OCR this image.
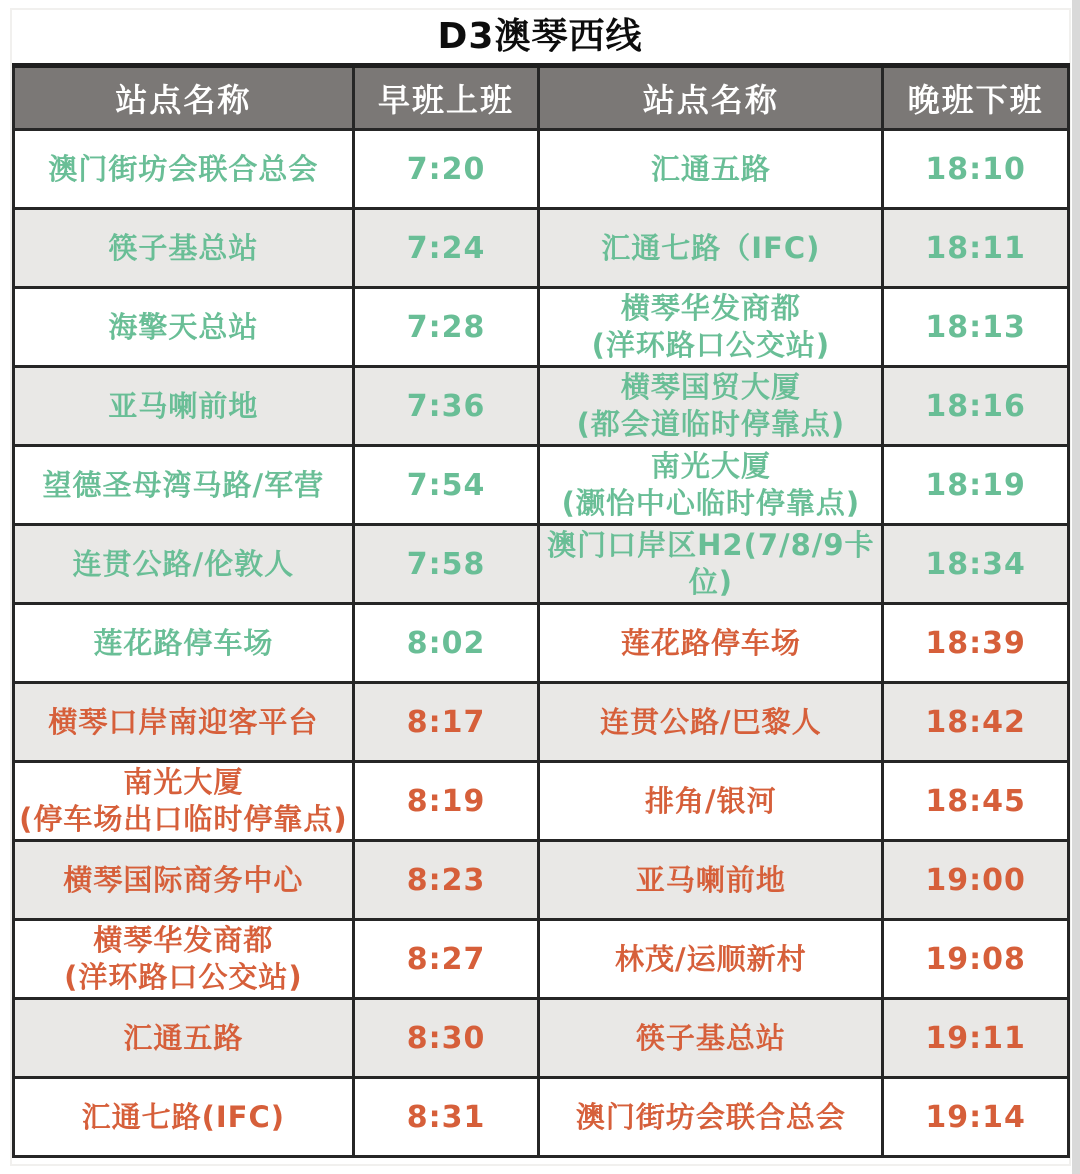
D3澳琴西线
站点名称	早班上班	站点名称	晚班下班

澳门街坊会联合总会	7:20	汇通五路	18:10

筷子基总站	7:24	汇通七路（IFC)	18:11

海擎天总站	7:28	横琴华发商都
(洋环路口公交站)	18:13

亚马喇前地	7:36	横琴国贸大厦
(都会道临时停靠点)	18:16

望德圣母湾马路/军营	7:54	南光大厦
(灏怡中心临时停靠点)	18:19

连贯公路/伦敦人	7:58	澳门口岸区H2(7/8/9卡位)	18:34

莲花路停车场	8:02	莲花路停车场	18:39

横琴口岸南迎客平台	8:17	连贯公路/巴黎人	18:42

南光大厦
(停车场出口临时停靠点)	8:19	排角/银河	18:45

横琴国际商务中心	8:23	亚马喇前地	19:00

横琴华发商都
(洋环路口公交站)	8:27	林茂/运顺新村	19:08

汇通五路	8:30	筷子基总站	19:11

汇通七路(IFC)	8:31	澳门街坊会联合总会	19:14
